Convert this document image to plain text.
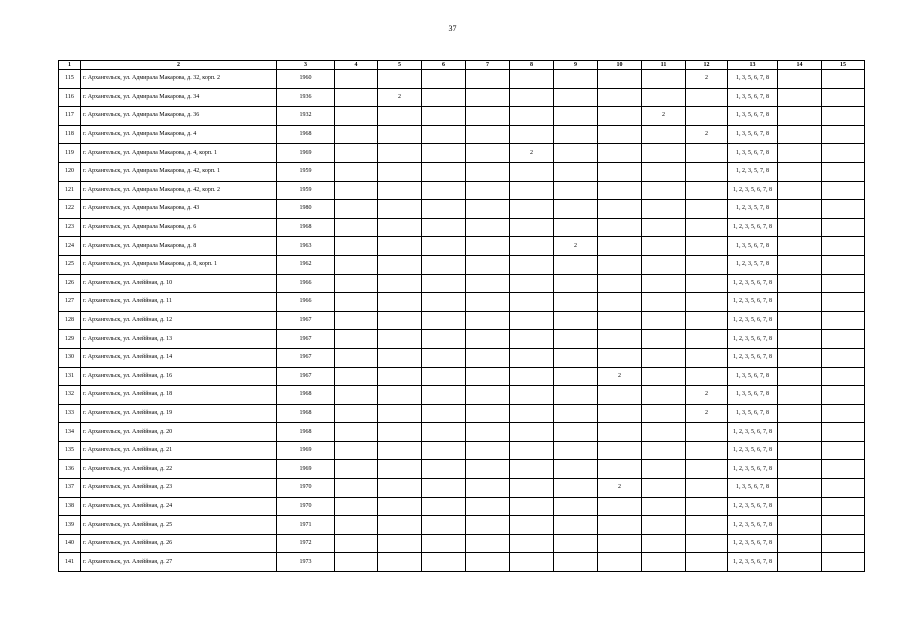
37
1	2	3	4	5	6	7	8	9	10	11	12	13	14	15
115	г. Архангельск, ул. Адмирала Макарова, д. 32, корп. 2	1960									2	1, 3, 5, 6, 7, 8		
116	г. Архангельск, ул. Адмирала Макарова, д. 34	1936		2								1, 3, 5, 6, 7, 8		
117	г. Архангельск, ул. Адмирала Макарова, д. 36	1932								2		1, 3, 5, 6, 7, 8		
118	г. Архангельск, ул. Адмирала Макарова, д. 4	1968									2	1, 3, 5, 6, 7, 8		
119	г. Архангельск, ул. Адмирала Макарова, д. 4, корп. 1	1969					2					1, 3, 5, 6, 7, 8		
120	г. Архангельск, ул. Адмирала Макарова, д. 42, корп. 1	1959										1, 2, 3, 5, 7, 8		
121	г. Архангельск, ул. Адмирала Макарова, д. 42, корп. 2	1959										1, 2, 3, 5, 6, 7, 8		
122	г. Архангельск, ул. Адмирала Макарова, д. 43	1980										1, 2, 3, 5, 7, 8		
123	г. Архангельск, ул. Адмирала Макарова, д. 6	1968										1, 2, 3, 5, 6, 7, 8		
124	г. Архангельск, ул. Адмирала Макарова, д. 8	1963						2				1, 3, 5, 6, 7, 8		
125	г. Архангельск, ул. Адмирала Макарова, д. 8, корп. 1	1962										1, 2, 3, 5, 7, 8		
126	г. Архангельск, ул. Алеййная, д. 10	1966										1, 2, 3, 5, 6, 7, 8		
127	г. Архангельск, ул. Алеййная, д. 11	1966										1, 2, 3, 5, 6, 7, 8		
128	г. Архангельск, ул. Алеййная, д. 12	1967										1, 2, 3, 5, 6, 7, 8		
129	г. Архангельск, ул. Алеййная, д. 13	1967										1, 2, 3, 5, 6, 7, 8		
130	г. Архангельск, ул. Алеййная, д. 14	1967										1, 2, 3, 5, 6, 7, 8		
131	г. Архангельск, ул. Алеййная, д. 16	1967							2			1, 3, 5, 6, 7, 8		
132	г. Архангельск, ул. Алеййная, д. 18	1968									2	1, 3, 5, 6, 7, 8		
133	г. Архангельск, ул. Алеййная, д. 19	1968									2	1, 3, 5, 6, 7, 8		
134	г. Архангельск, ул. Алеййная, д. 20	1968										1, 2, 3, 5, 6, 7, 8		
135	г. Архангельск, ул. Алеййная, д. 21	1969										1, 2, 3, 5, 6, 7, 8		
136	г. Архангельск, ул. Алеййная, д. 22	1969										1, 2, 3, 5, 6, 7, 8		
137	г. Архангельск, ул. Алеййная, д. 23	1970							2			1, 3, 5, 6, 7, 8		
138	г. Архангельск, ул. Алеййная, д. 24	1970										1, 2, 3, 5, 6, 7, 8		
139	г. Архангельск, ул. Алеййная, д. 25	1971										1, 2, 3, 5, 6, 7, 8		
140	г. Архангельск, ул. Алеййная, д. 26	1972										1, 2, 3, 5, 6, 7, 8		
141	г. Архангельск, ул. Алеййная, д. 27	1973										1, 2, 3, 5, 6, 7, 8		
